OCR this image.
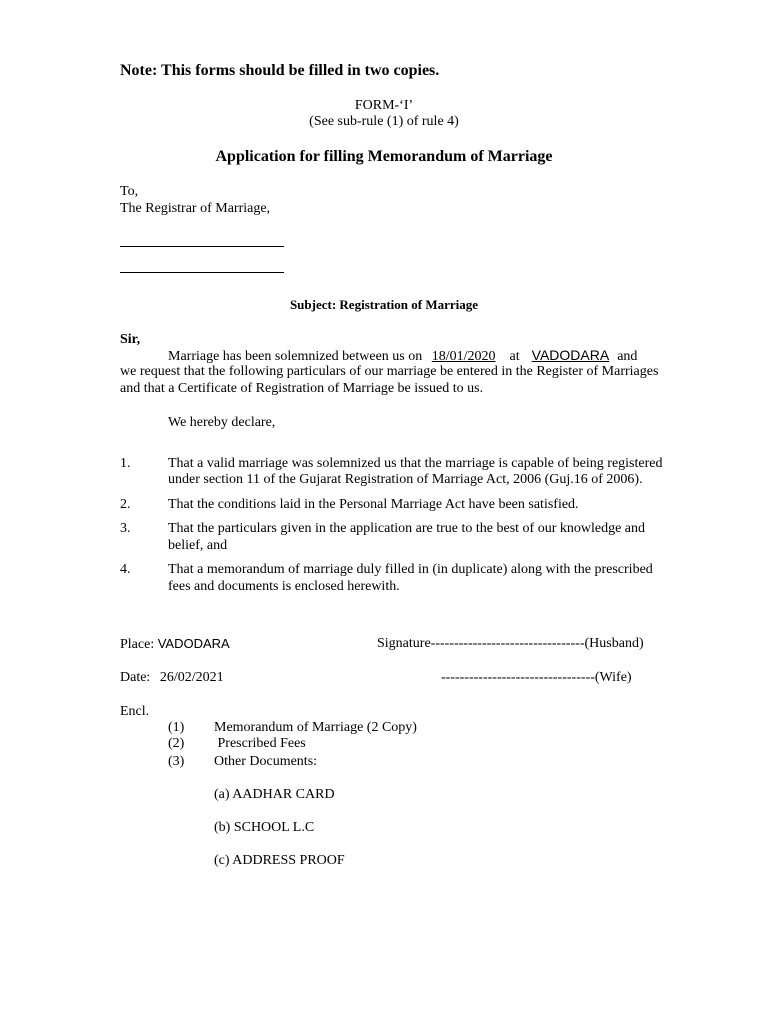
Note: This forms should be filled in two copies.
FORM-‘I’
(See sub-rule (1) of rule 4)
Application for filling Memorandum of Marriage
To,
The Registrar of Marriage,
Subject: Registration of Marriage
Sir,
Marriage has been solemnized between us on 18/01/2020 at VADODARA and
we request that the following particulars of our marriage be entered in the Register of Marriages
and that a Certificate of Registration of Marriage be issued to us.
We hereby declare,
1.	That a valid marriage was solemnized us that the marriage is capable of being registered
under section 11 of the Gujarat Registration of Marriage Act, 2006 (Guj.16 of 2006).
2.	That the conditions laid in the Personal Marriage Act have been satisfied.
3.	That the particulars given in the application are true to the best of our knowledge and
belief, and
4.	That a memorandum of marriage duly filled in (in duplicate) along with the prescribed
fees and documents is enclosed herewith.
Place: VADODARA	Signature---------------------------------(Husband)
Date: 26/02/2021	---------------------------------(Wife)
Encl.
(1) Memorandum of Marriage (2 Copy)
(2) Prescribed Fees
(3) Other Documents:
(a) AADHAR CARD
(b) SCHOOL L.C
(c) ADDRESS PROOF
